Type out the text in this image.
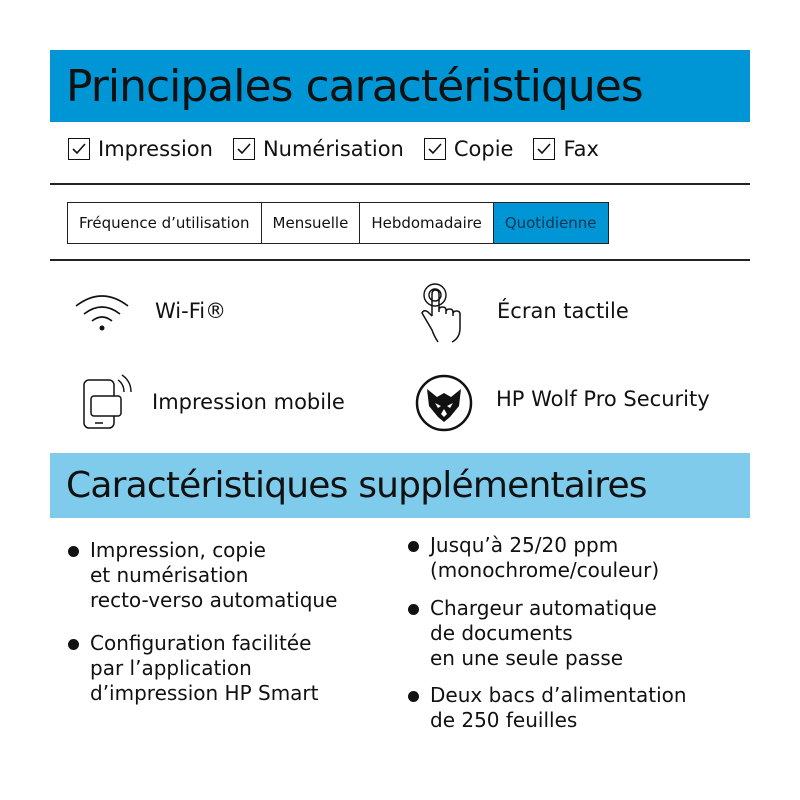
Principales caractéristiques
Impression Numérisation Copie Fax
Fréquence d’utilisation	Mensuelle	Hebdomadaire	Quotidienne
Wi-Fi®	Écran tactile
Impression mobile	HP Wolf Pro Security
Caractéristiques supplémentaires
Impression, copie
et numérisation
recto-verso automatique
Configuration facilitée
par l’application
d’impression HP Smart
Jusqu’à 25/20 ppm
(monochrome/couleur)
Chargeur automatique
de documents
en une seule passe
Deux bacs d’alimentation
de 250 feuilles
